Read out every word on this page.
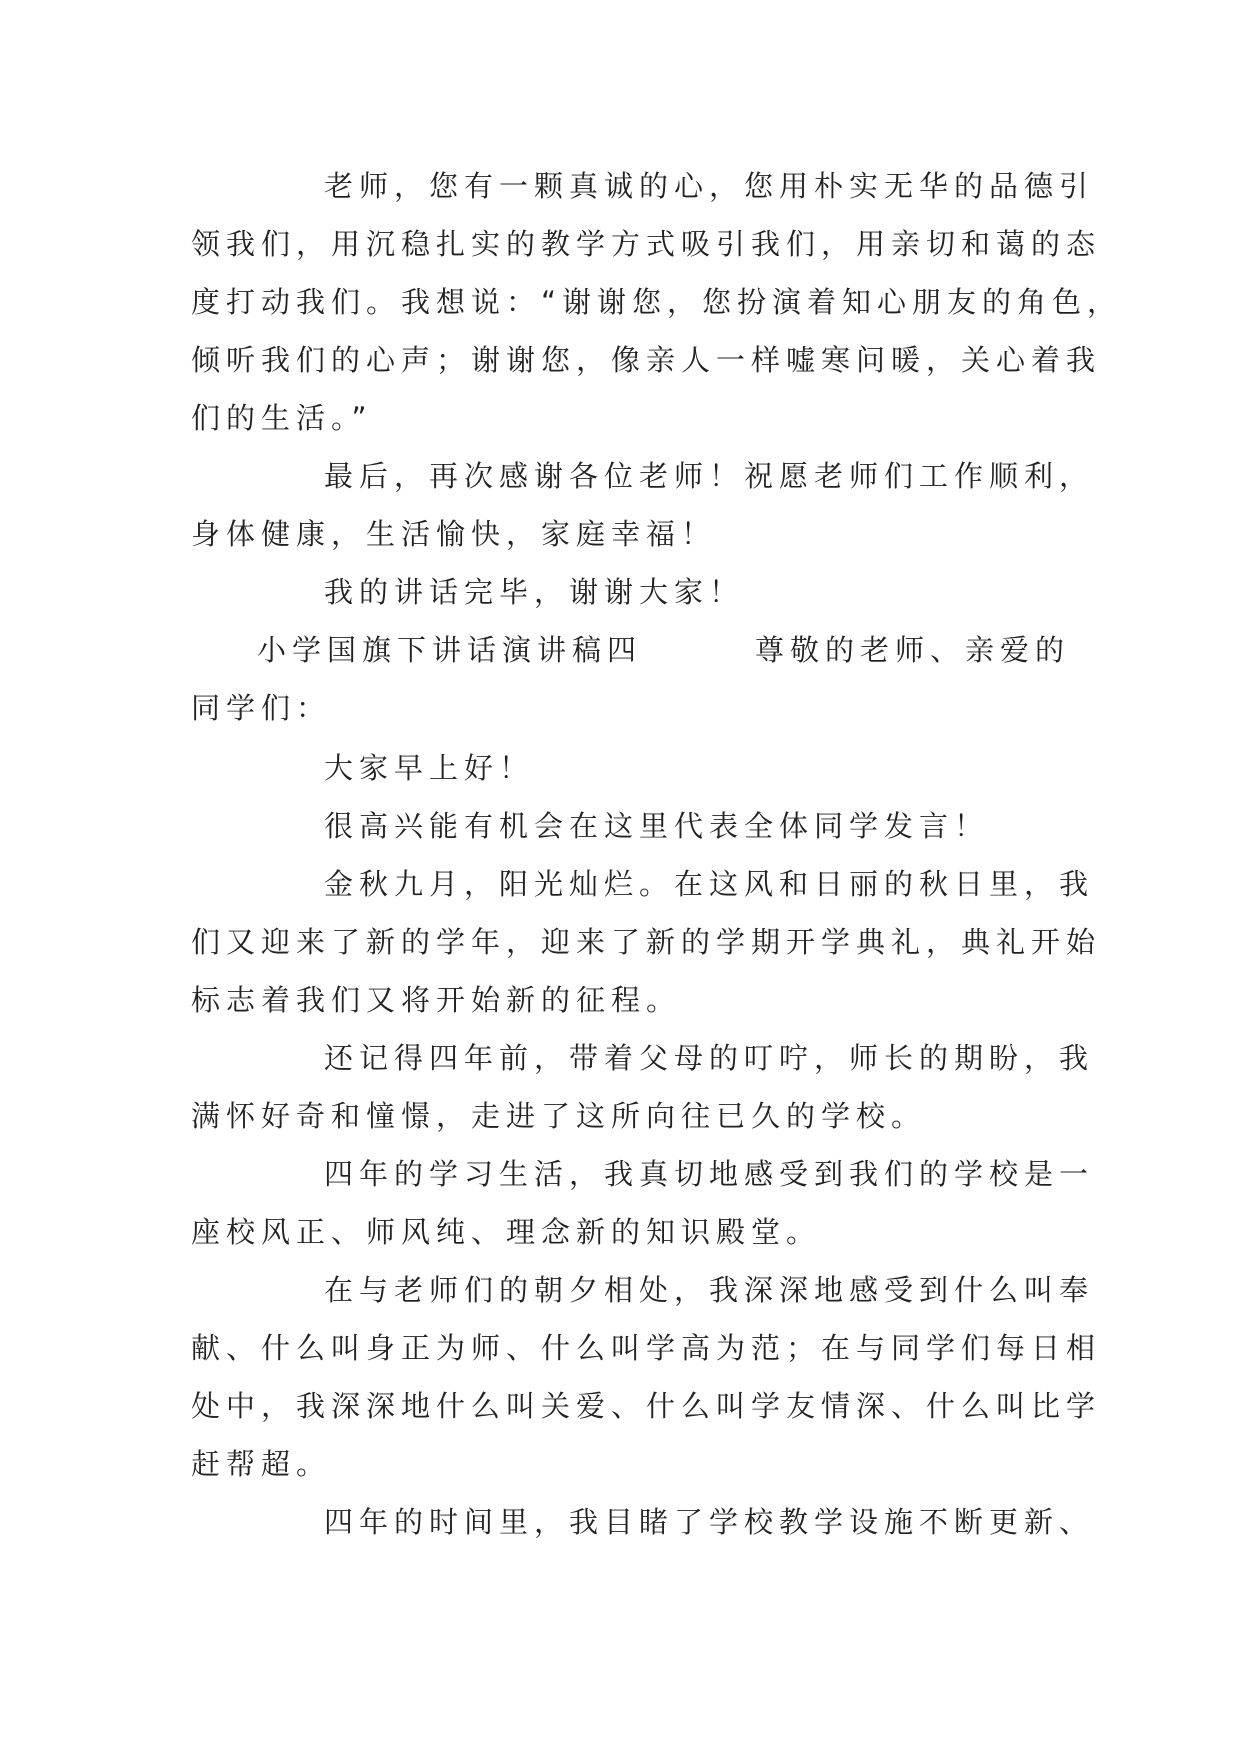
老师，您有一颗真诚的心，您用朴实无华的品德引
领我们，用沉稳扎实的教学方式吸引我们，用亲切和蔼的态
度打动我们。我想说：“谢谢您，您扮演着知心朋友的角色，
倾听我们的心声；谢谢您，像亲人一样嘘寒问暖，关心着我
们的生活。”
最后，再次感谢各位老师！祝愿老师们工作顺利，
身体健康，生活愉快，家庭幸福！
我的讲话完毕，谢谢大家！
小学国旗下讲话演讲稿四	尊敬的老师、亲爱的
同学们：
大家早上好！
很高兴能有机会在这里代表全体同学发言！
金秋九月，阳光灿烂。在这风和日丽的秋日里，我
们又迎来了新的学年，迎来了新的学期开学典礼，典礼开始
标志着我们又将开始新的征程。
还记得四年前，带着父母的叮咛，师长的期盼，我
满怀好奇和憧憬，走进了这所向往已久的学校。
四年的学习生活，我真切地感受到我们的学校是一
座校风正、师风纯、理念新的知识殿堂。
在与老师们的朝夕相处，我深深地感受到什么叫奉
献、什么叫身正为师、什么叫学高为范；在与同学们每日相
处中，我深深地什么叫关爱、什么叫学友情深、什么叫比学
赶帮超。
四年的时间里，我目睹了学校教学设施不断更新、
